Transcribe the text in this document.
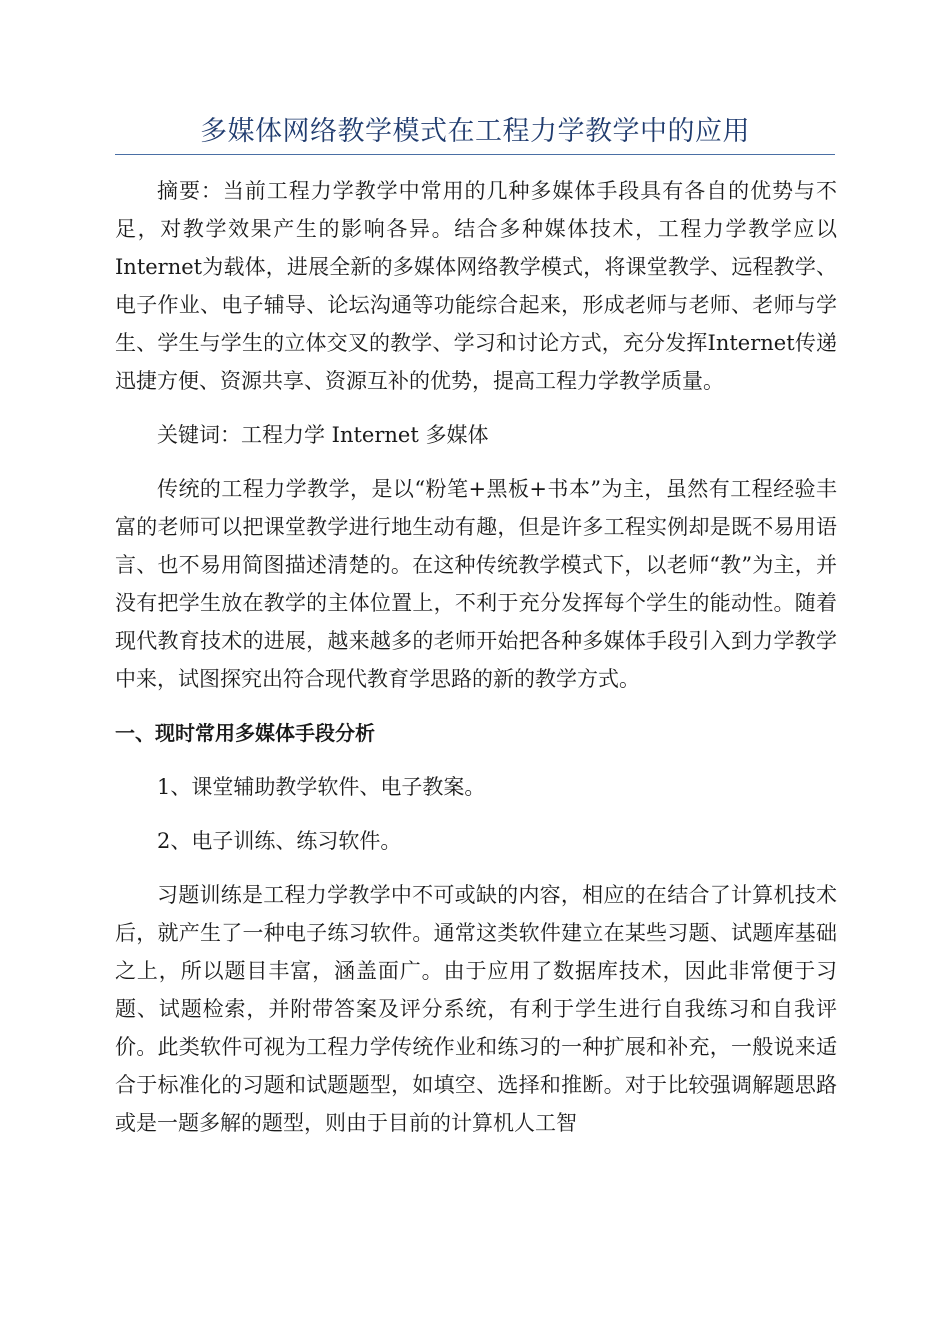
多媒体网络教学模式在工程力学教学中的应用

摘要：当前工程力学教学中常用的几种多媒体手段具有各自的优势与不足，对教学效果产生的影响各异。结合多种媒体技术，工程力学教学应以Internet为载体，进展全新的多媒体网络教学模式，将课堂教学、远程教学、电子作业、电子辅导、论坛沟通等功能综合起来，形成老师与老师、老师与学生、学生与学生的立体交叉的教学、学习和讨论方式，充分发挥Internet传递迅捷方便、资源共享、资源互补的优势，提高工程力学教学质量。

关键词：工程力学 Internet 多媒体

传统的工程力学教学，是以“粉笔+黑板+书本”为主，虽然有工程经验丰富的老师可以把课堂教学进行地生动有趣，但是许多工程实例却是既不易用语言、也不易用简图描述清楚的。在这种传统教学模式下，以老师“教”为主，并没有把学生放在教学的主体位置上，不利于充分发挥每个学生的能动性。随着现代教育技术的进展，越来越多的老师开始把各种多媒体手段引入到力学教学中来，试图探究出符合现代教育学思路的新的教学方式。

一、现时常用多媒体手段分析

1、课堂辅助教学软件、电子教案。

2、电子训练、练习软件。

习题训练是工程力学教学中不可或缺的内容，相应的在结合了计算机技术后，就产生了一种电子练习软件。通常这类软件建立在某些习题、试题库基础之上，所以题目丰富，涵盖面广。由于应用了数据库技术，因此非常便于习题、试题检索，并附带答案及评分系统，有利于学生进行自我练习和自我评价。此类软件可视为工程力学传统作业和练习的一种扩展和补充，一般说来适合于标准化的习题和试题题型，如填空、选择和推断。对于比较强调解题思路或是一题多解的题型，则由于目前的计算机人工智
